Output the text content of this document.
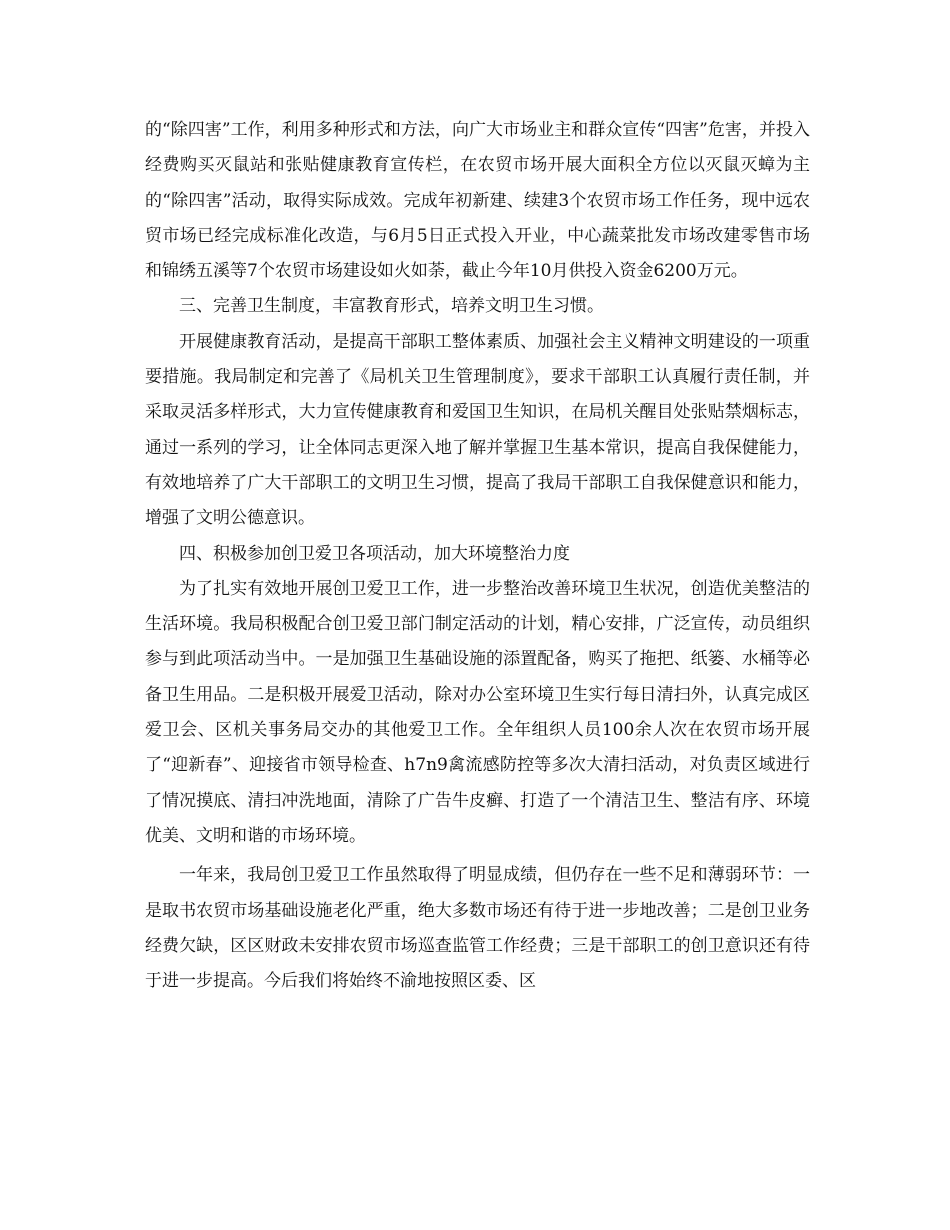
的“除四害”工作，利用多种形式和方法，向广大市场业主和群众宣传“四害”危害，并投入经费购买灭鼠站和张贴健康教育宣传栏，在农贸市场开展大面积全方位以灭鼠灭蟑为主的“除四害”活动，取得实际成效。完成年初新建、续建3个农贸市场工作任务，现中远农贸市场已经完成标准化改造，与6月5日正式投入开业，中心蔬菜批发市场改建零售市场和锦绣五溪等7个农贸市场建设如火如荼，截止今年10月供投入资金6200万元。

三、完善卫生制度，丰富教育形式，培养文明卫生习惯。

开展健康教育活动，是提高干部职工整体素质、加强社会主义精神文明建设的一项重要措施。我局制定和完善了《局机关卫生管理制度》，要求干部职工认真履行责任制，并采取灵活多样形式，大力宣传健康教育和爱国卫生知识，在局机关醒目处张贴禁烟标志，通过一系列的学习，让全体同志更深入地了解并掌握卫生基本常识，提高自我保健能力，有效地培养了广大干部职工的文明卫生习惯，提高了我局干部职工自我保健意识和能力，增强了文明公德意识。

四、积极参加创卫爱卫各项活动，加大环境整治力度

为了扎实有效地开展创卫爱卫工作，进一步整治改善环境卫生状况，创造优美整洁的生活环境。我局积极配合创卫爱卫部门制定活动的计划，精心安排，广泛宣传，动员组织参与到此项活动当中。一是加强卫生基础设施的添置配备，购买了拖把、纸篓、水桶等必备卫生用品。二是积极开展爱卫活动，除对办公室环境卫生实行每日清扫外，认真完成区爱卫会、区机关事务局交办的其他爱卫工作。全年组织人员100余人次在农贸市场开展了“迎新春”、迎接省市领导检查、h7n9禽流感防控等多次大清扫活动，对负责区域进行了情况摸底、清扫冲洗地面，清除了广告牛皮癣、打造了一个清洁卫生、整洁有序、环境优美、文明和谐的市场环境。

一年来，我局创卫爱卫工作虽然取得了明显成绩，但仍存在一些不足和薄弱环节：一是取书农贸市场基础设施老化严重，绝大多数市场还有待于进一步地改善；二是创卫业务经费欠缺，区区财政未安排农贸市场巡查监管工作经费；三是干部职工的创卫意识还有待于进一步提高。今后我们将始终不渝地按照区委、区
